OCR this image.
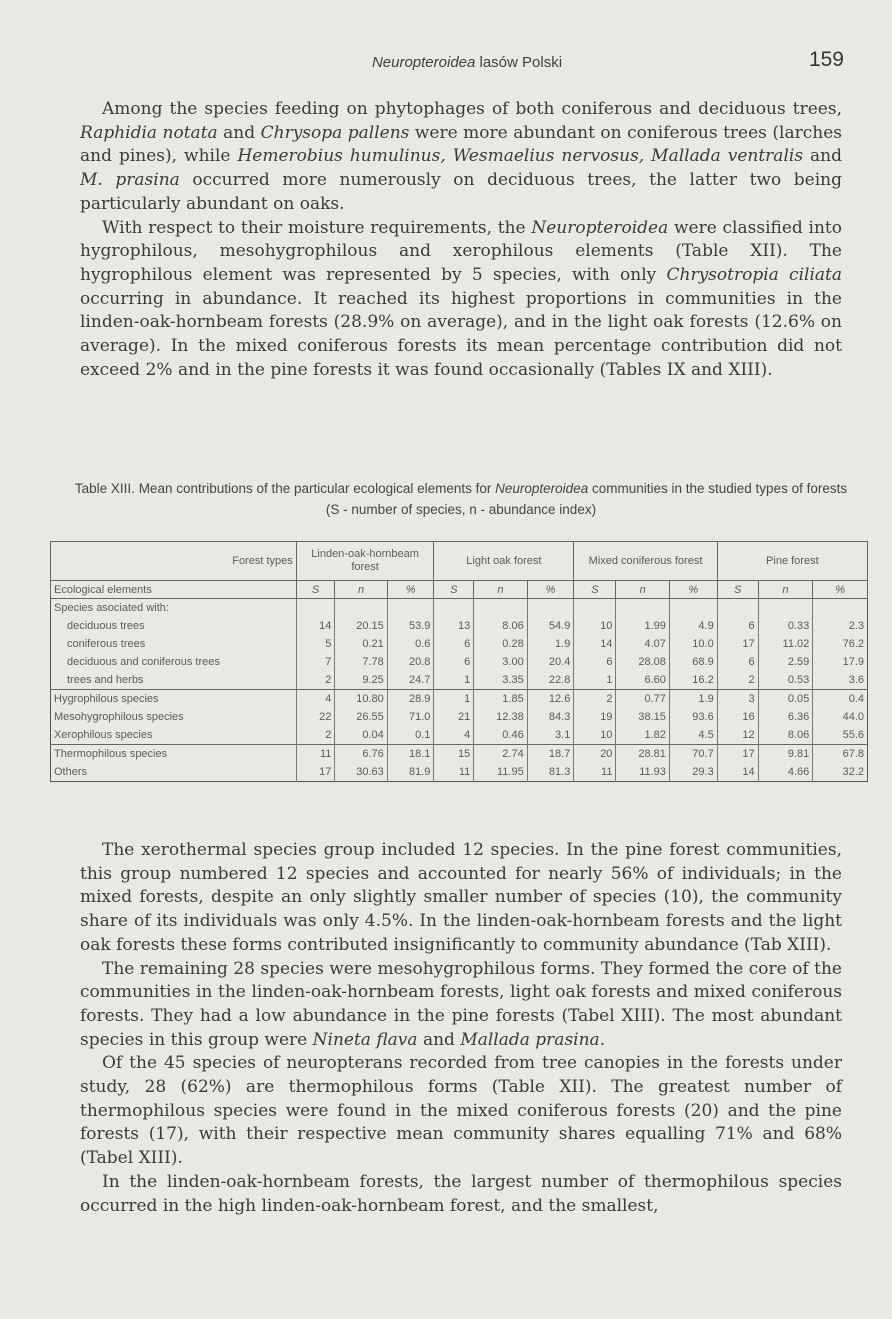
Neuropteroidea lasów Polski	159

Among the species feeding on phytophages of both coniferous and deciduous trees, Raphidia notata and Chrysopa pallens were more abundant on coniferous trees (larches and pines), while Hemerobius humulinus, Wesmaelius nervosus, Mallada ventralis and M. prasina occurred more numerously on deciduous trees, the latter two being particularly abundant on oaks.

With respect to their moisture requirements, the Neuropteroidea were classified into hygrophilous, mesohygrophilous and xerophilous elements (Table XII). The hygrophilous element was represented by 5 species, with only Chrysotropia ciliata occurring in abundance. It reached its highest proportions in communities in the linden-oak-hornbeam forests (28.9% on average), and in the light oak forests (12.6% on average). In the mixed coniferous forests its mean percentage contribution did not exceed 2% and in the pine forests it was found occasionally (Tables IX and XIII).

Table XIII. Mean contributions of the particular ecological elements for Neuropteroidea communities in the studied types of forests (S - number of species, n - abundance index)
Forest types	Linden-oak-hornbeam forest			Light oak forest			Mixed coniferous forest			Pine forest		
Ecological elements	S	n	%	S	n	%	S	n	%	S	n	%
Species asociated with:												
deciduous trees	14	20.15	53.9	13	8.06	54.9	10	1.99	4.9	6	0.33	2.3
coniferous trees	5	0.21	0.6	6	0.28	1.9	14	4.07	10.0	17	11.02	76.2
deciduous and coniferous trees	7	7.78	20.8	6	3.00	20.4	6	28.08	68.9	6	2.59	17.9
trees and herbs	2	9.25	24.7	1	3.35	22.8	1	6.60	16.2	2	0.53	3.6
Hygrophilous species	4	10.80	28.9	1	1.85	12.6	2	0.77	1.9	3	0.05	0.4
Mesohygrophilous species	22	26.55	71.0	21	12.38	84.3	19	38.15	93.6	16	6.36	44.0
Xerophilous species	2	0.04	0.1	4	0.46	3.1	10	1.82	4.5	12	8.06	55.6
Thermophilous species	11	6.76	18.1	15	2.74	18.7	20	28.81	70.7	17	9.81	67.8
Others	17	30.63	81.9	11	11.95	81.3	11	11.93	29.3	14	4.66	32.2

The xerothermal species group included 12 species. In the pine forest communities, this group numbered 12 species and accounted for nearly 56% of individuals; in the mixed forests, despite an only slightly smaller number of species (10), the community share of its individuals was only 4.5%. In the linden-oak-hornbeam forests and the light oak forests these forms contributed insignificantly to community abundance (Tab XIII).

The remaining 28 species were mesohygrophilous forms. They formed the core of the communities in the linden-oak-hornbeam forests, light oak forests and mixed coniferous forests. They had a low abundance in the pine forests (Tabel XIII). The most abundant species in this group were Nineta flava and Mallada prasina.

Of the 45 species of neuropterans recorded from tree canopies in the forests under study, 28 (62%) are thermophilous forms (Table XII). The greatest number of thermophilous species were found in the mixed coniferous forests (20) and the pine forests (17), with their respective mean community shares equalling 71% and 68% (Tabel XIII).

In the linden-oak-hornbeam forests, the largest number of thermophilous species occurred in the high linden-oak-hornbeam forest, and the smallest,
